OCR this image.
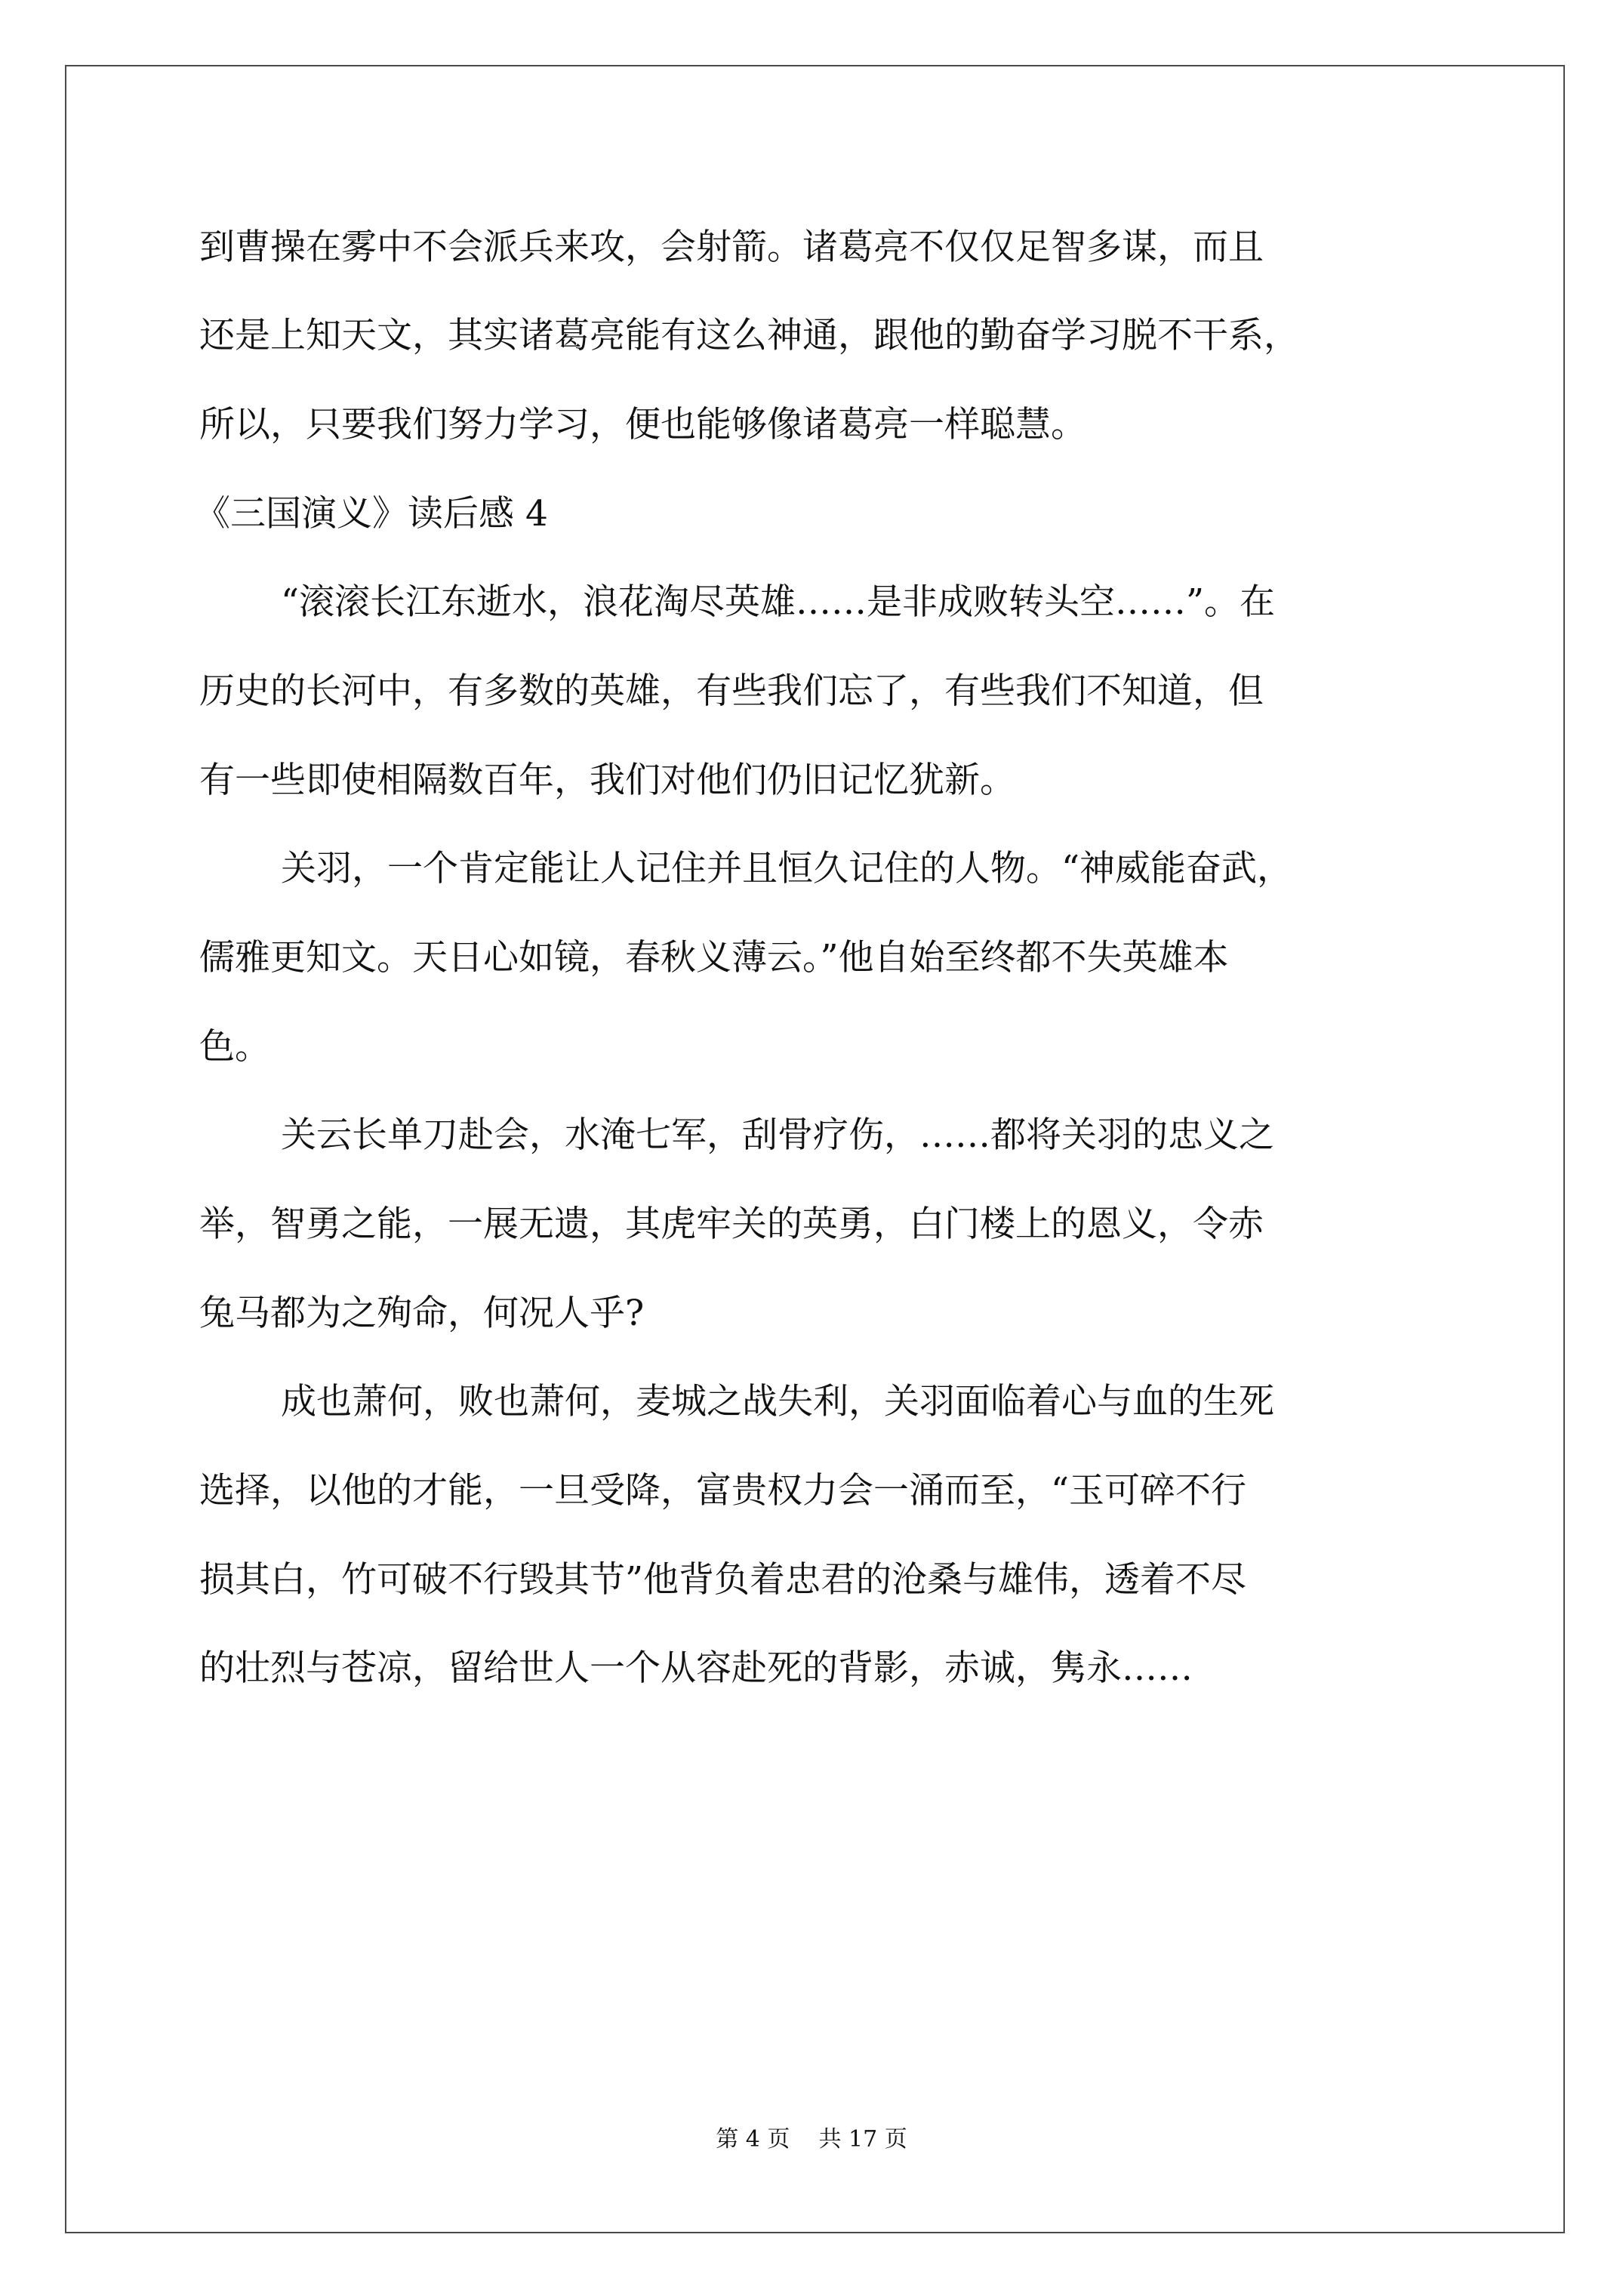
到曹操在雾中不会派兵来攻，会射箭。诸葛亮不仅仅足智多谋，而且
还是上知天文，其实诸葛亮能有这么神通，跟他的勤奋学习脱不干系，
所以，只要我们努力学习，便也能够像诸葛亮一样聪慧。
《三国演义》读后感 4
“滚滚长江东逝水，浪花淘尽英雄……是非成败转头空……”。在
历史的长河中，有多数的英雄，有些我们忘了，有些我们不知道，但
有一些即使相隔数百年，我们对他们仍旧记忆犹新。
关羽，一个肯定能让人记住并且恒久记住的人物。“神威能奋武，
儒雅更知文。天日心如镜，春秋义薄云。”他自始至终都不失英雄本
色。
关云长单刀赴会，水淹七军，刮骨疗伤，……都将关羽的忠义之
举，智勇之能，一展无遗，其虎牢关的英勇，白门楼上的恩义，令赤
兔马都为之殉命，何况人乎?
成也萧何，败也萧何，麦城之战失利，关羽面临着心与血的生死
选择，以他的才能，一旦受降，富贵权力会一涌而至，“玉可碎不行
损其白，竹可破不行毁其节”他背负着忠君的沧桑与雄伟，透着不尽
的壮烈与苍凉，留给世人一个从容赴死的背影，赤诚，隽永……
第 4 页    共 17 页
